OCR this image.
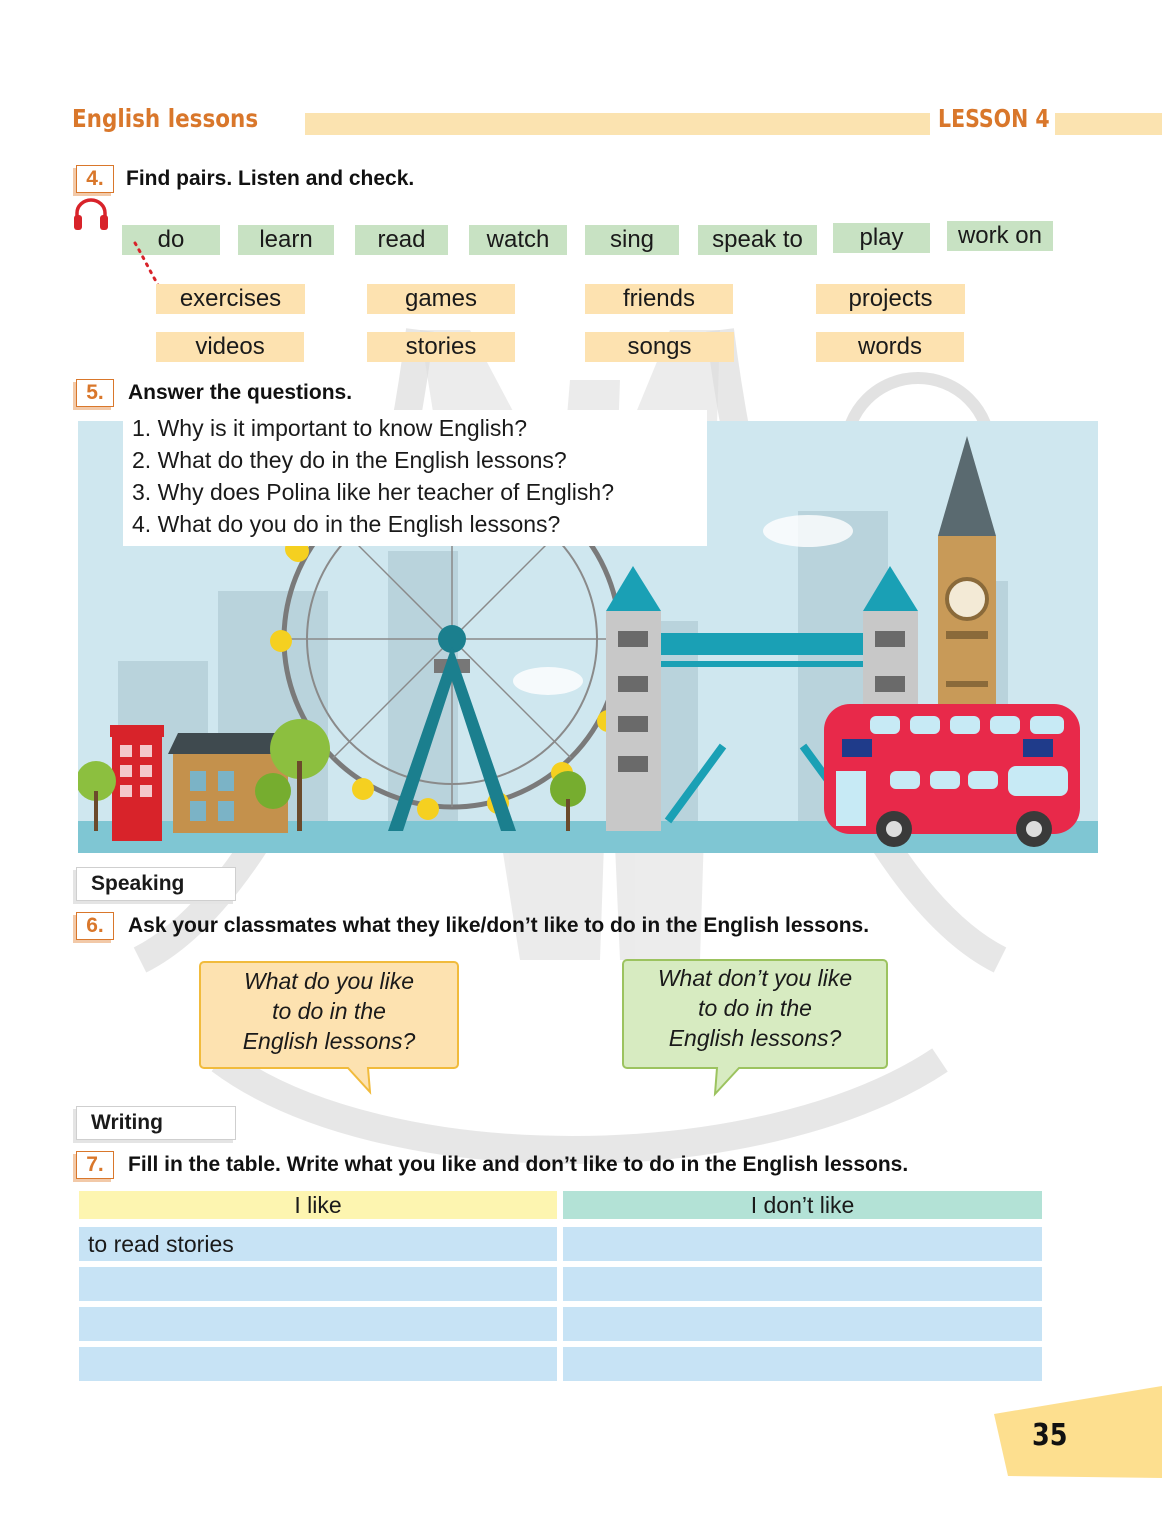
English lessons	LESSON 4
4.	Find pairs. Listen and check.
do	learn	read	watch	sing	speak to	play	work on
exercises	games	friends	projects
videos	stories	songs	words
5.	Answer the questions.
1. Why is it important to know English?
2. What do they do in the English lessons?
3. Why does Polina like her teacher of English?
4. What do you do in the English lessons?
Speaking
6.	Ask your classmates what they like/don’t like to do in the English lessons.
What do you like
to do in the
English lessons?
What don’t you like
to do in the
English lessons?
Writing
7.	Fill in the table. Write what you like and don’t like to do in the English lessons.
I like	I don’t like
to read stories
35
